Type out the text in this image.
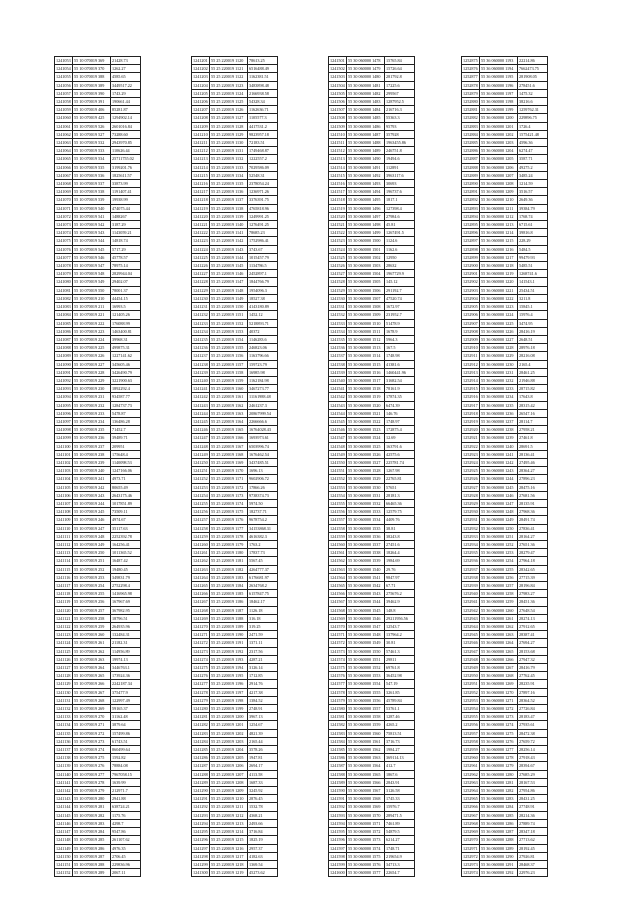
1241053	55 10 070019 369	21428.73
1241054	55 10 070019 370	1262.27
1241055	55 10 070019 388	4585.65
1241056	55 10 070019 389	3449517.22
1241057	55 10 070019 390	1743.29
1241058	55 10 070019 391	190661.44
1241059	55 10 070019 406	85281.87
1241060	55 10 070019 425	1294902.14
1241061	55 10 070019 526	2601016.84
1241062	55 10 070019 527	73288.60
1241063	55 10 070019 532	2943970.85
1241064	55 10 070019 533	110626.44
1241065	55 10 070019 534	25711755.02
1241066	55 10 070019 535	3199201.76
1241067	55 10 070019 536	1825611.57
1241068	55 10 070019 537	33873.99
1241069	55 10 070019 538	1191407.41
1241070	55 10 070019 539	19938.99
1241071	55 10 070019 540	474075.44
1241072	55 10 070019 541	1488267
1241073	55 10 070019 542	3187.29
1241074	55 10 070019 543	1143059.21
1241075	55 10 070019 544	14818.74
1241076	55 10 070019 545	5717.29
1241077	55 10 070019 546	45778.57
1241078	55 10 070019 547	78975.14
1241079	55 10 070019 548	2829944.04
1241080	55 10 070019 549	29402.07
1241081	55 10 070019 550	78001.37
1241082	55 10 070019 210	44454.15
1241083	55 10 070019 211	16993.5
1241084	55 10 070019 221	121405.26
1241085	55 10 070019 222	176088.99
1241086	55 10 070019 223	1463400.81
1241087	55 10 070019 224	39968.31
1241088	55 10 070019 225	499875.31
1241089	55 10 070019 226	1227141.62
1241090	55 10 070019 227	345605.46
1241091	55 10 070019 228	3426490.79
1241092	55 10 070019 229	3221900.63
1241093	55 10 070019 230	1892292.4
1241094	55 10 070019 231	934587.77
1241095	55 10 070019 232	1284737.73
1241096	55 10 070019 233	5478.87
1241097	55 10 070019 234	136486.28
1241098	55 10 070019 235	71452.7
1241099	55 10 070019 236	39489.71
1241100	55 10 070019 237	209951
1241101	55 10 070019 238	175648.4
1241102	55 10 070019 239	1140098.53
1241103	55 10 070019 240	1247166.06
1241104	55 10 070019 241	4973.71
1241105	55 10 070019 242	80655.49
1241106	55 10 070019 243	2643175.46
1241107	55 10 070019 244	1017851.89
1241108	55 10 070019 245	73509.11
1241109	55 10 070019 246	4974.67
1241110	55 10 070019 247	35117.63
1241111	55 10 070019 248	2252392.78
1241112	55 10 070019 249	164256.41
1241113	55 10 070019 250	1011365.52
1241114	55 10 070019 251	16487.42
1241115	55 10 070019 252	19480.45
1241116	55 10 070019 253	349831.79
1241117	55 10 070019 254	2752298.4
1241118	55 10 070019 255	1416965.98
1241119	55 10 070019 256	167967.69
1241120	55 10 070019 257	367982.95
1241121	55 10 070019 258	18796.51
1241122	55 10 070019 259	264935.96
1241123	55 10 070019 260	132484.31
1241124	55 10 070019 261	21182.31
1241125	55 10 070019 262	114956.89
1241126	55 10 070019 263	19974.13
1241127	55 10 070019 264	3446763.1
1241128	55 10 070019 265	173924.36
1241129	55 10 070019 266	2242187.34
1241130	55 10 070019 267	375477.9
1241131	55 10 070019 268	122997.49
1241132	55 10 070019 269	59165.37
1241133	55 10 070019 270	31162.48
1241134	55 10 070019 271	3879.64
1241135	55 10 070019 272	157499.86
1241136	55 10 070019 273	61743.51
1241137	55 10 070019 274	860499.64
1241138	55 10 070019 275	1592.82
1241139	55 10 070019 276	78884.08
1241140	55 10 070019 277	7967058.15
1241141	55 10 070019 278	1639.99
1241142	55 10 070019 279	212971.7
1241143	55 10 070019 280	2941.88
1241144	55 10 070019 281	638724.21
1241145	55 10 070019 282	1175.76
1241146	55 10 070019 283	4298.7
1241147	55 10 070019 284	9547.86
1241148	55 10 070019 285	261107.62
1241149	55 10 070019 286	4976.35
1241150	55 10 070019 287	2706.45
1241151	55 10 070019 288	229836.96
1241152	55 10 070019 289	2067.11
1241201	55 25 220019 1120	78613.25
1241202	55 25 220019 1121	6516488.49
1241203	55 25 220019 1122	1162381.51
1241204	55 25 220019 1123	3483898.48
1241205	55 25 220019 1124	2166938.58
1241206	55 25 220019 1125	54328.34
1241207	55 25 220019 1126	1162636.71
1241208	55 25 220019 1127	1105577.3
1241209	55 25 220019 1128	4417531.2
1241210	55 25 220019 1129	9823957.18
1241211	55 25 220019 1130	72183.51
1241212	55 25 220019 1131	1749468.87
1241213	55 25 220019 1132	1222557.2
1241214	55 25 220019 1133	7029586.09
1241215	55 25 220019 1134	52548.31
1241216	55 25 220019 1135	2378054.24
1241217	55 25 220019 1136	1236971.26
1241218	55 25 220019 1137	3376391.75
1241219	55 25 220019 1138	4765818.96
1241220	55 25 220019 1139	1249991.25
1241221	55 25 220019 1140	1276491.25
1241222	55 25 220019 1141	78685.23
1241223	55 25 220019 1142	1752986.41
1241224	55 25 220019 1143	3743.67
1241225	55 25 220019 1144	1015457.79
1241226	55 25 220019 1145	1134786.5
1241227	55 25 220019 1146	2452897.1
1241228	55 25 220019 1147	1844766.79
1241229	55 25 220019 1148	1954096.3
1241230	55 25 220019 1149	18527.38
1241231	55 25 220019 1150	4143180.89
1241232	55 25 220019 1151	1452.12
1241233	55 25 220019 1152	5218893.71
1241234	55 25 220019 1153	40372
1241235	55 25 220019 1154	1146283.6
1241236	55 25 220019 1155	246823.06
1241237	55 25 220019 1156	1163796.66
1241238	55 25 220019 1157	159723.79
1241239	55 25 220019 1158	16985.98
1241240	55 25 220019 1159	1162184.98
1241241	55 25 220019 1160	3467273.77
1241242	55 25 220019 1161	11161988.48
1241243	55 25 220019 1162	2461237.3
1241244	55 25 220019 1163	20867999.54
1241245	55 25 220019 1164	2266666.6
1241246	55 25 220019 1165	16764028.43
1241247	55 25 220019 1166	1693973.61
1241248	55 25 220019 1167	6503996.74
1241249	55 25 220019 1168	1676462.54
1241250	55 25 220019 1169	3437485.51
1241251	55 25 220019 1170	1696.13
1241252	55 25 220019 1171	9602906.72
1241253	55 25 220019 1172	17866.26
1241254	55 25 220019 1173	9738374.73
1241255	55 25 220019 1174	5974.50
1241256	55 25 220019 1175	182737.71
1241257	55 25 220019 1176	9678754.2
1241258	55 25 220019 1177	34153868.31
1241259	55 25 220019 1178	4616382.3
1241260	55 25 220019 1179	1763.2
1241261	55 25 220019 1180	17837.73
1241262	55 25 220019 1181	5567.45
1241263	55 25 220019 1182	4264777.37
1241264	55 25 220019 1183	6176681.97
1241265	55 25 220019 1184	2634768.2
1241266	55 25 220019 1185	6157847.75
1241267	55 25 220019 1186	18462.17
1241268	55 25 220019 1187	1126.18
1241269	55 25 220019 1188	316.18
1241270	55 25 220019 1189	319.25
1241271	55 25 220019 1190	2471.59
1241272	55 25 220019 1191	1371.11
1241273	55 25 220019 1192	2317.56
1241274	55 25 220019 1193	4287.21
1241275	55 25 220019 1194	3126.14
1241276	55 25 220019 1195	1712.85
1241277	55 25 220019 1196	2914.76
1241278	55 25 220019 1197	4217.38
1241279	55 25 220019 1198	1384.52
1241280	55 25 220019 1199	2748.91
1241281	55 25 220019 1200	3967.13
1241282	55 25 220019 1201	1254.67
1241283	55 25 220019 1202	4821.39
1241284	55 25 220019 1203	2165.44
1241285	55 25 220019 1204	3578.26
1241286	55 25 220019 1205	1947.81
1241287	55 25 220019 1206	2694.17
1241288	55 25 220019 1207	4113.58
1241289	55 25 220019 1208	1687.33
1241290	55 25 220019 1209	3245.92
1241291	55 25 220019 1210	2876.45
1241292	55 25 220019 1211	1532.78
1241293	55 25 220019 1212	4368.21
1241294	55 25 220019 1213	2493.66
1241295	55 25 220019 1214	3716.84
1241296	55 25 220019 1215	1825.19
1241297	55 25 220019 1216	2957.37
1241298	55 25 220019 1217	4182.63
1241299	55 25 220019 1218	1369.54
1241300	55 25 220019 1219	45273.62
1241501	55 30 060000 1478	15765.84
1241502	55 30 060000 1479	15726.64
1241503	55 30 060000 1480	281792.8
1241504	55 30 060000 1481	17225.6
1241505	55 30 060000 1482	299567
1241506	55 30 060000 1483	1287952.5
1241507	55 30 060000 1484	216716.3
1241508	55 30 060000 1485	55363.3
1241509	55 30 060000 1486	95793
1241510	55 30 060000 1487	357928
1241511	55 30 060000 1488	1963455.86
1241512	55 30 060000 1489	246751.8
1241513	55 30 060000 1490	19494.6
1241514	55 30 060000 1491	112891
1241515	55 30 060000 1492	3963117.6
1241516	55 30 060000 1493	30693
1241517	55 30 060000 1494	196737.6
1241518	55 30 060000 1495	1817.1
1241519	55 30 060000 1496	127398.4
1241520	55 30 060000 1497	27984.6
1241521	55 30 060000 1498	45.81
1241522	55 30 060000 1499	1267491.5
1241523	55 30 060000 1500	1124.6
1241524	55 30 060000 1501	1162.6
1241525	55 30 060000 1502	12950
1241526	55 30 060000 1503	28632
1241527	55 30 060000 1504	1967729.9
1241528	55 30 060000 1505	145.12
1241529	55 30 060000 1506	291192.7
1241530	55 30 060000 1507	47520.74
1241531	55 30 060000 1508	1672.97
1241532	55 30 060000 1509	231952.7
1241533	55 30 060000 1510	51478.9
1241534	55 30 060000 1511	1678.9
1241535	55 30 060000 1512	5964.3
1241536	55 30 060000 1513	167.5
1241537	55 30 060000 1514	1748.98
1241538	55 30 060000 1515	41381.6
1241539	55 30 060000 1516	1460441.96
1241540	55 30 060000 1517	31682.54
1241541	55 30 060000 1518	78161.9
1241542	55 30 060000 1519	17874.35
1241543	55 30 060000 1520	6474.39
1241544	55 30 060000 1521	146.76
1241545	55 30 060000 1522	1748.97
1241546	55 30 060000 1523	172875.4
1241547	55 30 060000 1524	12.69
1241548	55 30 060000 1525	163791.6
1241549	55 30 060000 1526	42575.6
1241550	55 30 060000 1527	225781.74
1241551	55 30 060000 1528	1267.98
1241552	55 30 060000 1529	22765.81
1241553	55 30 060000 1530	57651
1241554	55 30 060000 1531	28181.3
1241555	55 30 060000 1532	66465.36
1241556	55 30 060000 1533	12579.75
1241557	55 30 060000 1534	4409.76
1241558	55 30 060000 1535	38.81
1241559	55 30 060000 1536	38243.8
1241560	55 30 060000 1537	27451.6
1241561	55 30 060000 1538	18264.4
1241562	55 30 060000 1539	1984.69
1241563	55 30 060000 1540	29.76
1241564	55 30 060000 1541	9847.97
1241565	55 30 060000 1542	67.71
1241566	55 30 060000 1543	275676.2
1241567	55 30 060000 1544	39462.9
1241568	55 30 060000 1545	148.8
1241569	55 30 060000 1546	29211956.56
1241570	55 30 060000 1547	12543.7
1241571	55 30 060000 1548	137964.2
1241572	55 30 060000 1549	30.81
1241573	55 30 060000 1550	57461.3
1241574	55 30 060000 1551	29811
1241575	55 30 060000 1552	69761.8
1241576	55 30 060000 1553	36452.98
1241577	55 30 060000 1554	547.19
1241578	55 30 060000 1555	3261.85
1241579	55 30 060000 1556	45789.84
1241580	55 30 060000 1557	53761.1
1241581	55 30 060000 1558	1287.46
1241582	55 30 060000 1559	4265.2
1241583	55 30 060000 1560	75813.51
1241584	55 30 060000 1561	3716.73
1241585	55 30 060000 1562	1984.27
1241586	55 30 060000 1563	369114.13
1241587	55 30 060000 1564	412.7
1241588	55 30 060000 1565	1867.6
1241589	55 30 060000 1566	2843.91
1241590	55 30 060000 1567	3126.58
1241591	55 30 060000 1568	1745.33
1241592	55 30 060000 1569	15976.7
1241593	55 30 060000 1570	289471.5
1241594	55 30 060000 1571	7461.89
1241595	55 30 060000 1572	54879.5
1241596	55 30 060000 1573	6214.27
1241597	55 30 060000 1574	1748.71
1241598	55 30 060000 1575	219654.9
1241599	55 30 060000 1576	34713.3
1241600	55 30 060000 1577	22654.7
1252875	55 36 060000 1193	22214.86
1252876	55 36 060000 1194	7662473.75
1252877	55 36 060000 1195	281908.05
1252878	55 36 060000 1196	278451.6
1252879	55 36 060000 1197	1475.32
1252880	55 36 060000 1198	38216.6
1252881	55 36 060000 1199	1259762.31
1252882	55 36 060000 1200	229896.75
1252883	55 36 060000 1201	1726.4
1252884	55 36 060000 1202	1575421.48
1252885	55 36 060000 1203	4596.36
1252886	55 36 060000 1204	6274.47
1252887	55 36 060000 1205	3587.71
1252888	55 36 060000 1206	49275.2
1252889	55 36 060000 1207	3485.24
1252890	55 36 060000 1208	1214.59
1252891	55 36 060000 1209	3516.57
1252892	55 36 060000 1210	2649.36
1252893	55 36 060000 1211	39384.79
1252894	55 36 060000 1212	1768.74
1252895	55 36 060000 1213	6715.61
1252896	55 36 060000 1214	39816.8
1252897	55 36 060000 1215	228.29
1252898	55 36 060000 1216	5484.5
1252899	55 36 060000 1217	99479.93
1252900	55 36 060000 1218	5485.51
1252901	55 36 060000 1219	1268741.6
1252902	55 36 060000 1220	141543.1
1252903	55 36 060000 1221	25434.51
1252904	55 36 060000 1222	3211.8
1252905	55 36 060000 1223	15845.1
1252906	55 36 060000 1224	15976.4
1252907	55 36 060000 1225	3474.95
1252908	55 36 060000 1226	28416.19
1252909	55 36 060000 1227	2648.51
1252910	55 36 060000 1228	28976.18
1252911	55 36 060000 1229	28216.08
1252912	55 36 060000 1230	2165.4
1252913	55 36 060000 1231	28461.25
1252914	55 36 060000 1232	21946.88
1252915	55 36 060000 1233	28715.82
1252916	55 36 060000 1234	17643.8
1252917	55 36 060000 1235	28315.42
1252918	55 36 060000 1236	26547.16
1252919	55 36 060000 1237	28114.7
1252920	55 36 060000 1238	27958.21
1252921	55 36 060000 1239	27461.8
1252922	55 36 060000 1240	28691.5
1252923	55 36 060000 1241	28136.41
1252924	55 36 060000 1242	27495.46
1252925	55 36 060000 1243	28364.27
1252926	55 36 060000 1244	27896.23
1252927	55 36 060000 1245	28475.16
1252928	55 36 060000 1246	27681.56
1252929	55 36 060000 1247	28135.91
1252930	55 36 060000 1248	27968.36
1252931	55 36 060000 1249	28491.74
1252932	55 36 060000 1250	27836.41
1252933	55 36 060000 1251	28164.27
1252934	55 36 060000 1252	27651.36
1252935	55 36 060000 1253	28279.47
1252936	55 36 060000 1254	27964.18
1252937	55 36 060000 1255	28342.65
1252938	55 36 060000 1256	27715.39
1252939	55 36 060000 1257	28196.84
1252940	55 36 060000 1258	27983.27
1252941	55 36 060000 1259	28451.36
1252942	55 36 060000 1260	27648.54
1252943	55 36 060000 1261	28274.13
1252944	55 36 060000 1262	27912.65
1252945	55 36 060000 1263	28387.41
1252946	55 36 060000 1264	27694.27
1252947	55 36 060000 1265	28153.68
1252948	55 36 060000 1266	27947.32
1252949	55 36 060000 1267	28416.79
1252950	55 36 060000 1268	27762.45
1252951	55 36 060000 1269	28235.91
1252952	55 36 060000 1270	27897.16
1252953	55 36 060000 1271	28364.52
1252954	55 36 060000 1272	27726.84
1252955	55 36 060000 1273	28183.47
1252956	55 36 060000 1274	27935.61
1252957	55 36 060000 1275	28472.38
1252958	55 36 060000 1276	27659.72
1252959	55 36 060000 1277	28256.14
1252960	55 36 060000 1278	27918.43
1252961	55 36 060000 1279	28394.67
1252962	55 36 060000 1280	27685.29
1252963	55 36 060000 1281	28167.53
1252964	55 36 060000 1282	27954.86
1252965	55 36 060000 1283	28431.25
1252966	55 36 060000 1284	27748.91
1252967	55 36 060000 1285	28214.36
1252968	55 36 060000 1286	27889.74
1252969	55 36 060000 1287	28347.18
1252970	55 36 060000 1288	27713.62
1252971	55 36 060000 1289	28192.45
1252972	55 36 060000 1290	27926.81
1252973	55 36 060000 1291	28468.37
1252974	55 36 060000 1292	22976.23
